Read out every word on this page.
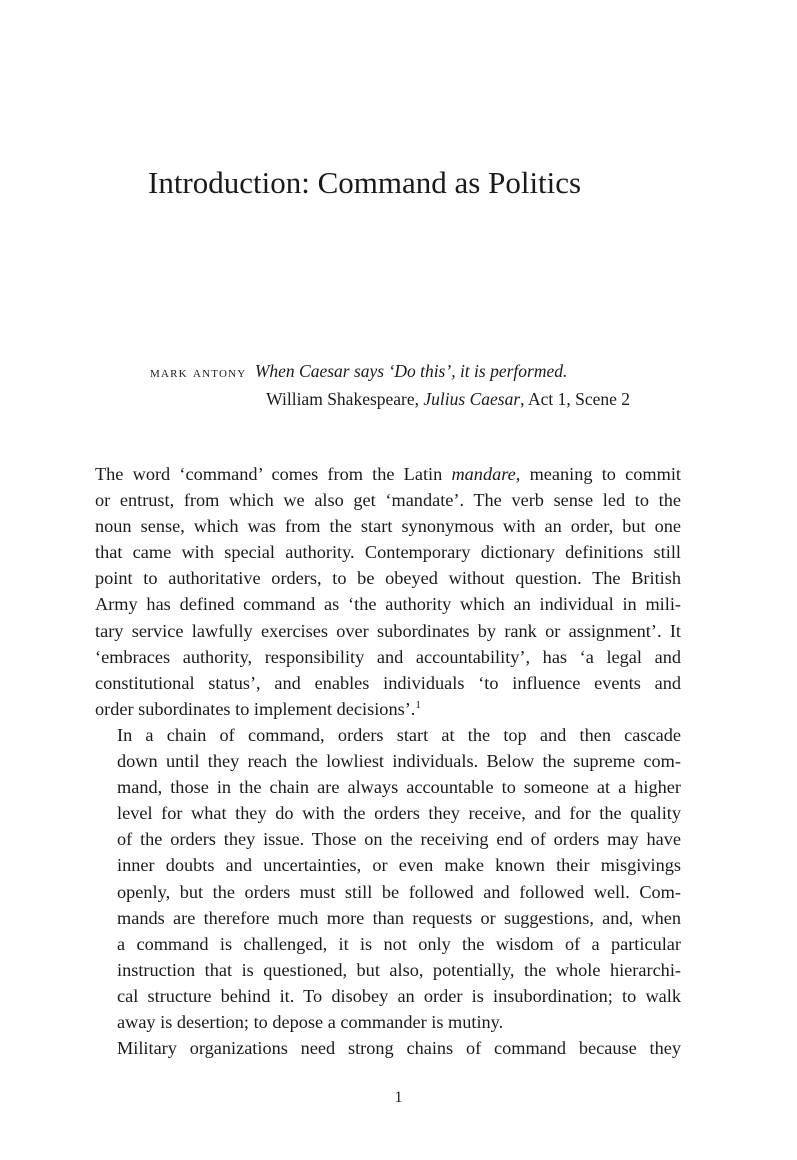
Introduction: Command as Politics
mark antony When Caesar says ‘Do this’, it is performed.
William Shakespeare, Julius Caesar, Act 1, Scene 2

The word ‘command’ comes from the Latin mandare, meaning to commit
or entrust, from which we also get ‘mandate’. The verb sense led to the
noun sense, which was from the start synonymous with an order, but one
that came with special authority. Contemporary dictionary definitions still
point to authoritative orders, to be obeyed without question. The British
Army has defined command as ‘the authority which an individual in mili-
tary service lawfully exercises over subordinates by rank or assignment’. It
‘embraces authority, responsibility and accountability’, has ‘a legal and
constitutional status’, and enables individuals ‘to influence events and
order subordinates to implement decisions’.$^1$

In a chain of command, orders start at the top and then cascade
down until they reach the lowliest individuals. Below the supreme com-
mand, those in the chain are always accountable to someone at a higher
level for what they do with the orders they receive, and for the quality
of the orders they issue. Those on the receiving end of orders may have
inner doubts and uncertainties, or even make known their misgivings
openly, but the orders must still be followed and followed well. Com-
mands are therefore much more than requests or suggestions, and, when
a command is challenged, it is not only the wisdom of a particular
instruction that is questioned, but also, potentially, the whole hierarchi-
cal structure behind it. To disobey an order is insubordination; to walk
away is desertion; to depose a commander is mutiny.

Military organizations need strong chains of command because they

1
